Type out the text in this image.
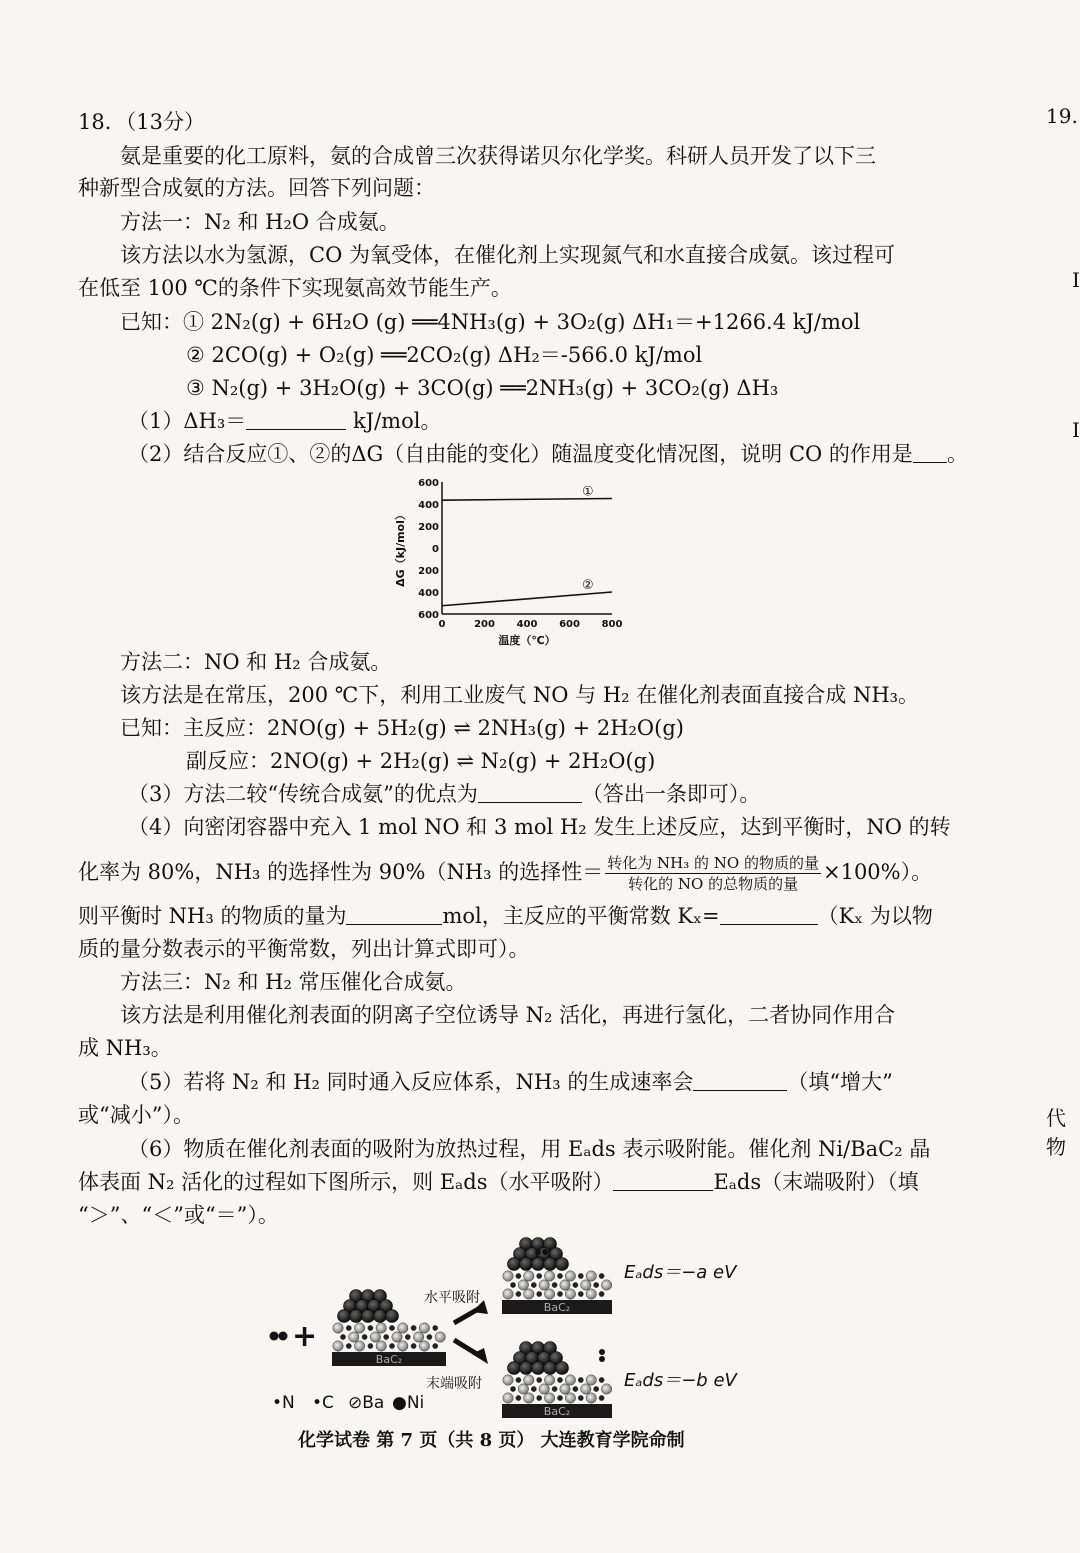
19.
I
I
代物
18．（13分）
氨是重要的化工原料，氨的合成曾三次获得诺贝尔化学奖。科研人员开发了以下三
种新型合成氨的方法。回答下列问题：
方法一：N₂ 和 H₂O 合成氨。
该方法以水为氢源，CO 为氧受体，在催化剂上实现氮气和水直接合成氨。该过程可
在低至 100 ℃的条件下实现氨高效节能生产。
已知：① 2N₂(g) + 6H₂O (g) ══4NH₃(g) + 3O₂(g) ΔH₁＝+1266.4 kJ/mol
② 2CO(g) + O₂(g) ══2CO₂(g) ΔH₂＝-566.0 kJ/mol
③ N₂(g) + 3H₂O(g) + 3CO(g) ══2NH₃(g) + 3CO₂(g) ΔH₃
（1）ΔH₃＝	kJ/mol。
（2）结合反应①、②的ΔG（自由能的变化）随温度变化情况图，说明 CO 的作用是 。
600
400
200
0
200
400
600
0	200 400 600 800
温度（℃）
ΔG（kJ/mol）
①
②
方法二：NO 和 H₂ 合成氨。
该方法是在常压，200 ℃下，利用工业废气 NO 与 H₂ 在催化剂表面直接合成 NH₃。
已知：主反应：2NO(g) + 5H₂(g) ⇌ 2NH₃(g) + 2H₂O(g)
副反应：2NO(g) + 2H₂(g) ⇌ N₂(g) + 2H₂O(g)
（3）方法二较“传统合成氨”的优点为	（答出一条即可）。
（4）向密闭容器中充入 1 mol NO 和 3 mol H₂ 发生上述反应，达到平衡时，NO 的转
化率为 80%，NH₃ 的选择性为 90%（NH₃ 的选择性＝ $\frac{\text{转化为 NH₃ 的 NO 的物质的量}}{\text{转化的 NO 的总物质的量}} \times 100\%$）。
则平衡时 NH₃ 的物质的量为	mol，主反应的平衡常数 Kₓ=	（Kₓ 为以物
质的量分数表示的平衡常数，列出计算式即可）。
方法三：N₂ 和 H₂ 常压催化合成氨。
该方法是利用催化剂表面的阴离子空位诱导 N₂ 活化，再进行氢化，二者协同作用合
成 NH₃。
（5）若将 N₂ 和 H₂ 同时通入反应体系，NH₃ 的生成速率会	（填“增大”
或“减小”）。
（6）物质在催化剂表面的吸附为放热过程，用 Eₐds 表示吸附能。催化剂 Ni/BaC₂ 晶
体表面 N₂ 活化的过程如下图所示，则 Eₐds（水平吸附）	Eₐds（末端吸附）（填
“＞”、“＜”或“＝”）。
+
BaC₂
水平吸附
末端吸附
BaC₂
BaC₂
Eₐds＝−a eV
Eₐds＝−b eV
•N •C ⊘Ba ●Ni
化学试卷 第 7 页（共 8 页） 大连教育学院命制
